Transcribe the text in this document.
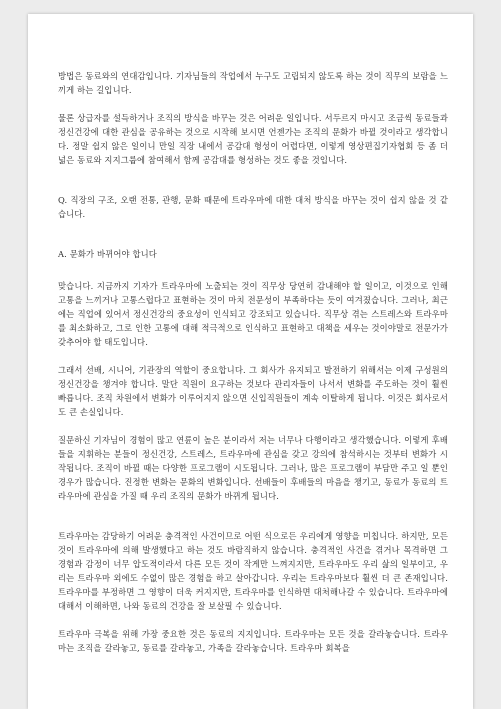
방법은 동료와의 연대감입니다. 기자님들의 작업에서 누구도 고립되지 않도록 하는 것이 직무의 보람을 느끼게 하는 길입니다.

물론 상급자를 설득하거나 조직의 방식을 바꾸는 것은 어려운 일입니다. 서두르지 마시고 조금씩 동료들과 정신건강에 대한 관심을 공유하는 것으로 시작해 보시면 언젠가는 조직의 문화가 바뀔 것이라고 생각합니다. 정말 쉽지 않은 일이니 만일 직장 내에서 공감대 형성이 어렵다면, 이렇게 영상편집기자협회 등 좀 더 넓은 동료와 지지그룹에 참여해서 함께 공감대를 형성하는 것도 좋을 것입니다.

Q. 직장의 구조, 오랜 전통, 관행, 문화 때문에 트라우마에 대한 대처 방식을 바꾸는 것이 쉽지 않을 것 같습니다.

A. 문화가 바뀌어야 합니다

맞습니다. 지금까지 기자가 트라우마에 노출되는 것이 직무상 당연히 감내해야 할 일이고, 이것으로 인해 고통을 느끼거나 고통스럽다고 표현하는 것이 마치 전문성이 부족하다는 듯이 여겨졌습니다. 그러나, 최근에는 직업에 있어서 정신건강의 중요성이 인식되고 강조되고 있습니다. 직무상 겪는 스트레스와 트라우마를 최소화하고, 그로 인한 고통에 대해 적극적으로 인식하고 표현하고 대책을 세우는 것이야말로 전문가가 갖추어야 할 태도입니다.

그래서 선배, 시니어, 기관장의 역할이 중요합니다. 그 회사가 유지되고 발전하기 위해서는 이제 구성원의 정신건강을 챙겨야 합니다. 말단 직원이 요구하는 것보다 관리자들이 나서서 변화를 주도하는 것이 훨씬 빠릅니다. 조직 차원에서 변화가 이루어지지 않으면 신입직원들이 계속 이탈하게 됩니다. 이것은 회사로서도 큰 손실입니다.

질문하신 기자님이 경험이 많고 연륜이 높은 분이라서 저는 너무나 다행이라고 생각했습니다. 이렇게 후배들을 지휘하는 분들이 정신건강, 스트레스, 트라우마에 관심을 갖고 강의에 참석하시는 것부터 변화가 시작됩니다. 조직이 바뀔 때는 다양한 프로그램이 시도됩니다. 그러나, 많은 프로그램이 부담만 주고 일 뿐인 경우가 많습니다. 진정한 변화는 문화의 변화입니다. 선배들이 후배들의 마음을 챙기고, 동료가 동료의 트라우마에 관심을 가질 때 우리 조직의 문화가 바뀌게 됩니다.

트라우마는 감당하기 어려운 충격적인 사건이므로 어떤 식으로든 우리에게 영향을 미칩니다. 하지만, 모든 것이 트라우마에 의해 발생했다고 하는 것도 바람직하지 않습니다. 충격적인 사건을 겪거나 목격하면 그 경험과 감정이 너무 압도적이라서 다른 모든 것이 작게만 느껴지지만, 트라우마도 우리 삶의 일부이고, 우리는 트라우마 외에도 수없이 많은 경험을 하고 살아갑니다. 우리는 트라우마보다 훨씬 더 큰 존재입니다. 트라우마를 부정하면 그 영향이 더욱 커지지만, 트라우마를 인식하면 대처해나갈 수 있습니다. 트라우마에 대해서 이해하면, 나와 동료의 건강을 잘 보살필 수 있습니다.

트라우마 극복을 위해 가장 중요한 것은 동료의 지지입니다. 트라우마는 모든 것을 갈라놓습니다. 트라우마는 조직을 갈라놓고, 동료를 갈라놓고, 가족을 갈라놓습니다. 트라우마 회복을
